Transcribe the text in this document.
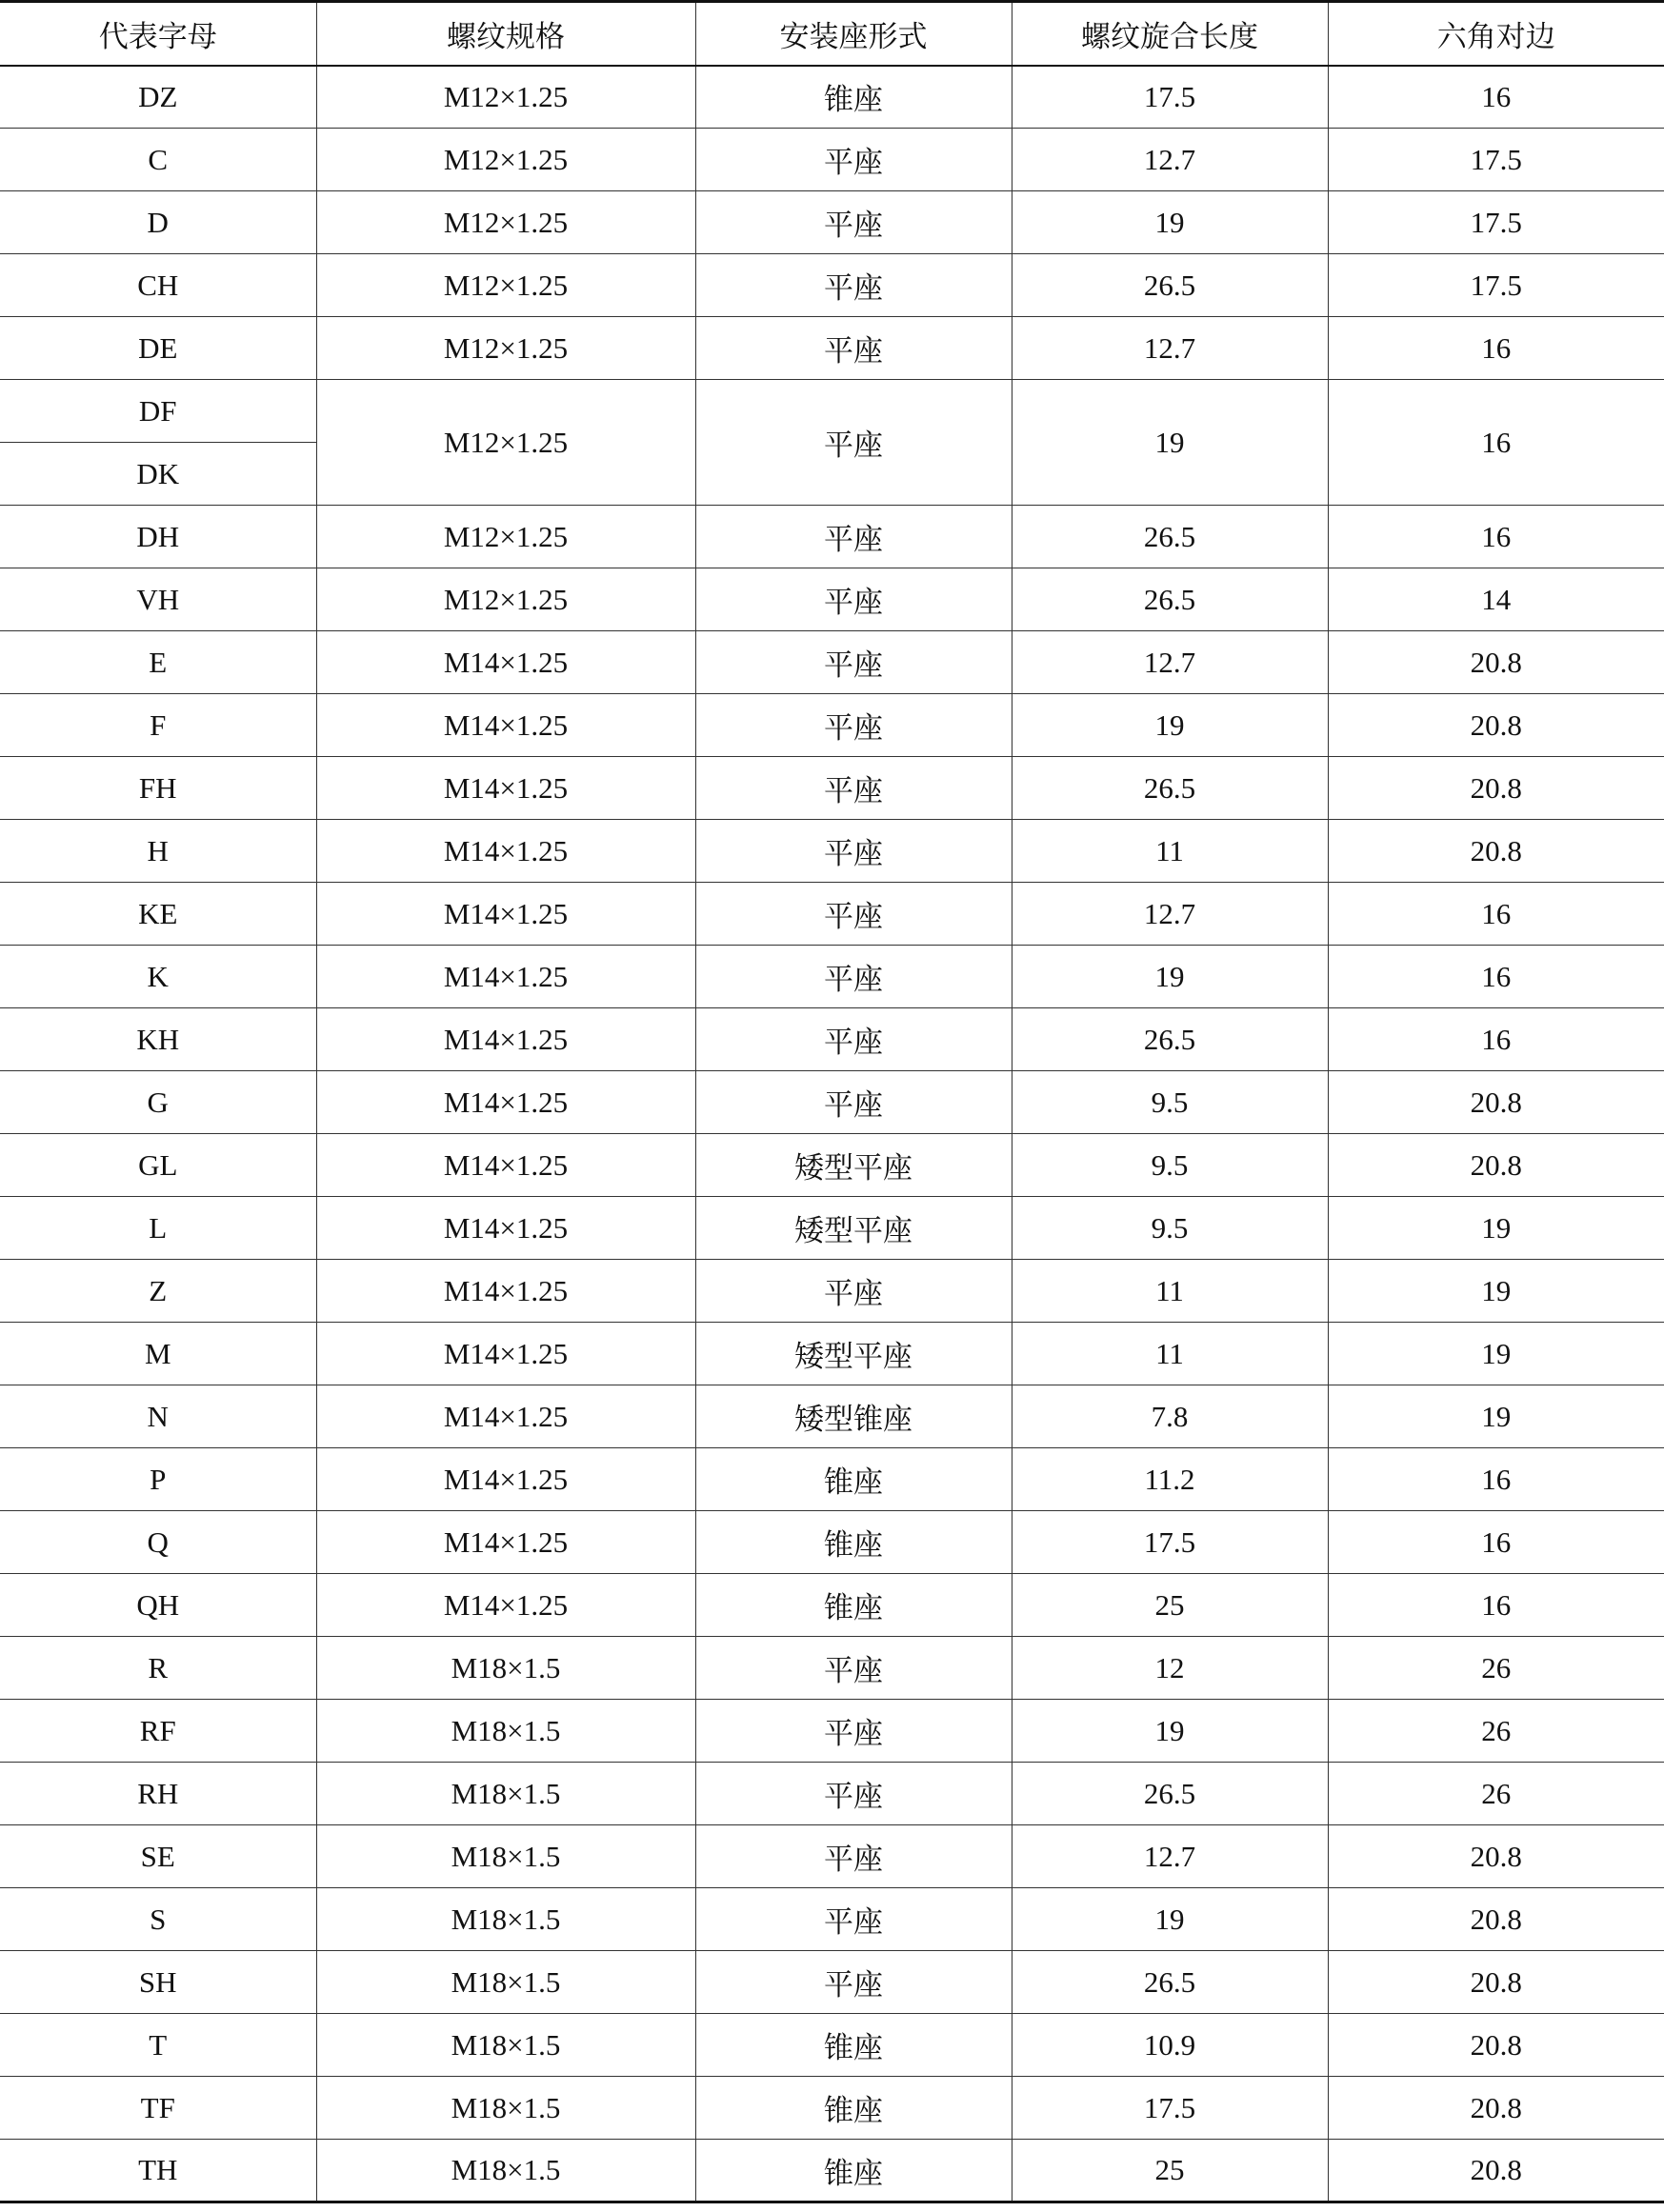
代表字母	螺纹规格	安装座形式	螺纹旋合长度	六角对边
DZ	M12×1.25	锥座	17.5	16
C	M12×1.25	平座	12.7	17.5
D	M12×1.25	平座	19	17.5
CH	M12×1.25	平座	26.5	17.5
DE	M12×1.25	平座	12.7	16
DF	M12×1.25	平座	19	16
DK				
DH	M12×1.25	平座	26.5	16
VH	M12×1.25	平座	26.5	14
E	M14×1.25	平座	12.7	20.8
F	M14×1.25	平座	19	20.8
FH	M14×1.25	平座	26.5	20.8
H	M14×1.25	平座	11	20.8
KE	M14×1.25	平座	12.7	16
K	M14×1.25	平座	19	16
KH	M14×1.25	平座	26.5	16
G	M14×1.25	平座	9.5	20.8
GL	M14×1.25	矮型平座	9.5	20.8
L	M14×1.25	矮型平座	9.5	19
Z	M14×1.25	平座	11	19
M	M14×1.25	矮型平座	11	19
N	M14×1.25	矮型锥座	7.8	19
P	M14×1.25	锥座	11.2	16
Q	M14×1.25	锥座	17.5	16
QH	M14×1.25	锥座	25	16
R	M18×1.5	平座	12	26
RF	M18×1.5	平座	19	26
RH	M18×1.5	平座	26.5	26
SE	M18×1.5	平座	12.7	20.8
S	M18×1.5	平座	19	20.8
SH	M18×1.5	平座	26.5	20.8
T	M18×1.5	锥座	10.9	20.8
TF	M18×1.5	锥座	17.5	20.8
TH	M18×1.5	锥座	25	20.8
